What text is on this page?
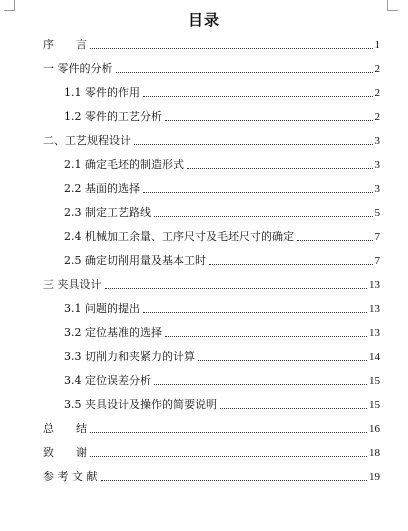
目录
序　　言	1
一 零件的分析	2
1.1 零件的作用	2
1.2 零件的工艺分析	2
二、工艺规程设计	3
2.1 确定毛坯的制造形式	3
2.2 基面的选择	3
2.3 制定工艺路线	5
2.4 机械加工余量、工序尺寸及毛坯尺寸的确定	7
2.5 确定切削用量及基本工时	7
三 夹具设计	13
3.1 问题的提出	13
3.2 定位基准的选择	13
3.3 切削力和夹紧力的计算	14
3.4 定位误差分析	15
3.5 夹具设计及操作的简要说明	15
总　　结	16
致　　谢	18
参 考 文 献	19
